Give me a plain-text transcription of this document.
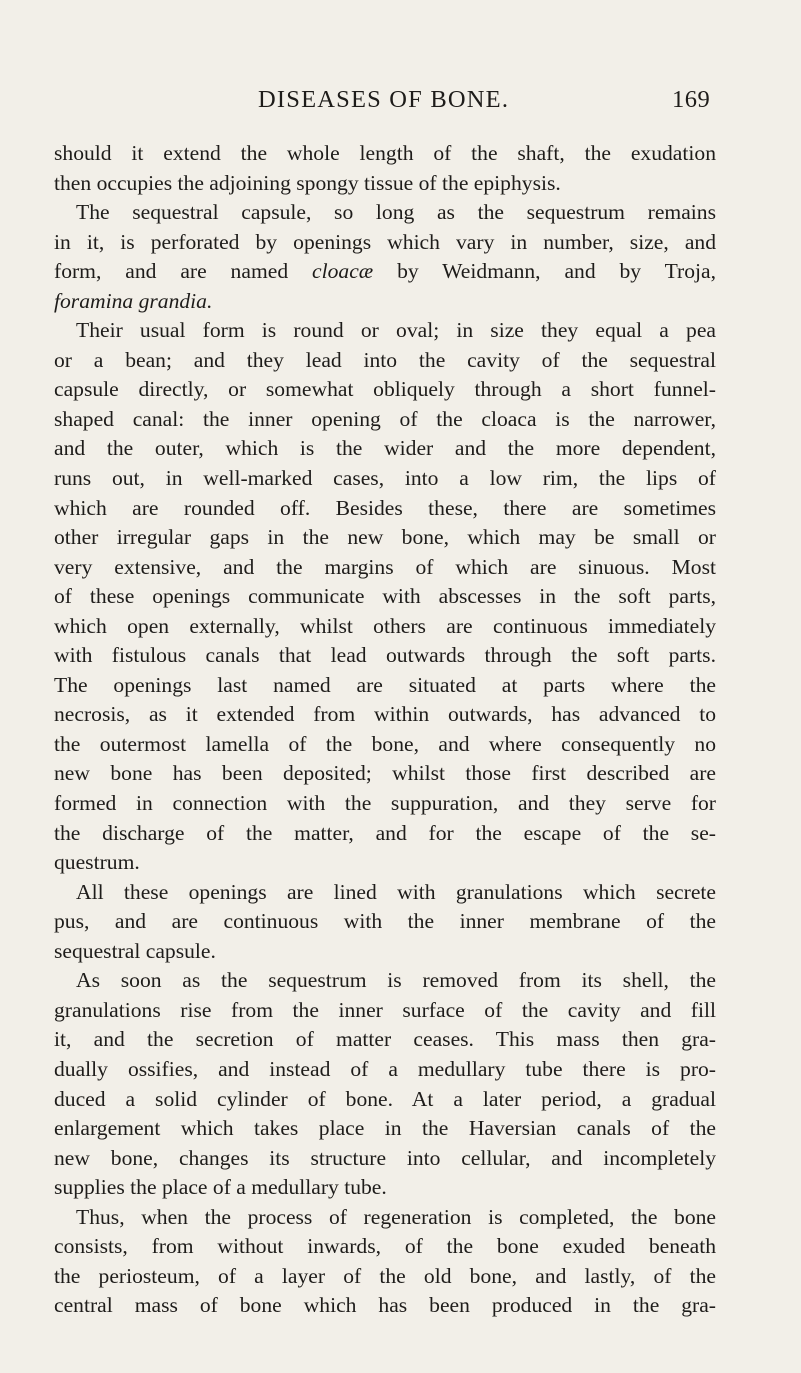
DISEASES OF BONE.	169
should it extend the whole length of the shaft, the exudation
then occupies the adjoining spongy tissue of the epiphysis.
The sequestral capsule, so long as the sequestrum remains
in it, is perforated by openings which vary in number, size, and
form, and are named cloacæ by Weidmann, and by Troja,
foramina grandia.
Their usual form is round or oval; in size they equal a pea
or a bean; and they lead into the cavity of the sequestral
capsule directly, or somewhat obliquely through a short funnel-
shaped canal: the inner opening of the cloaca is the narrower,
and the outer, which is the wider and the more dependent,
runs out, in well-marked cases, into a low rim, the lips of
which are rounded off. Besides these, there are sometimes
other irregular gaps in the new bone, which may be small or
very extensive, and the margins of which are sinuous. Most
of these openings communicate with abscesses in the soft parts,
which open externally, whilst others are continuous immediately
with fistulous canals that lead outwards through the soft parts.
The openings last named are situated at parts where the
necrosis, as it extended from within outwards, has advanced to
the outermost lamella of the bone, and where consequently no
new bone has been deposited; whilst those first described are
formed in connection with the suppuration, and they serve for
the discharge of the matter, and for the escape of the se-
questrum.
All these openings are lined with granulations which secrete
pus, and are continuous with the inner membrane of the
sequestral capsule.
As soon as the sequestrum is removed from its shell, the
granulations rise from the inner surface of the cavity and fill
it, and the secretion of matter ceases. This mass then gra-
dually ossifies, and instead of a medullary tube there is pro-
duced a solid cylinder of bone. At a later period, a gradual
enlargement which takes place in the Haversian canals of the
new bone, changes its structure into cellular, and incompletely
supplies the place of a medullary tube.
Thus, when the process of regeneration is completed, the bone
consists, from without inwards, of the bone exuded beneath
the periosteum, of a layer of the old bone, and lastly, of the
central mass of bone which has been produced in the gra-
